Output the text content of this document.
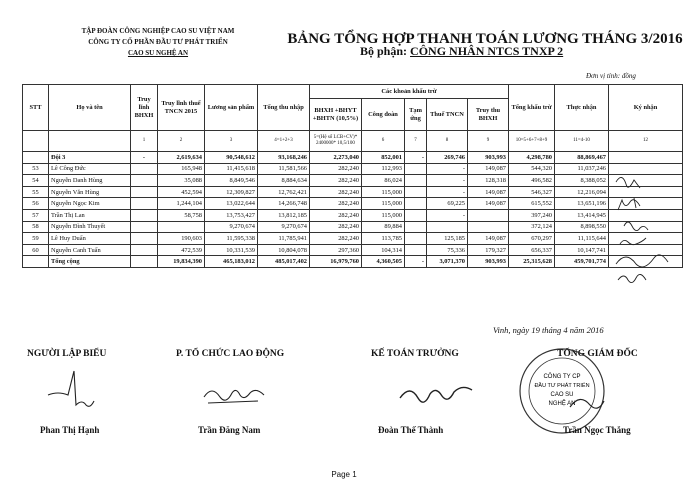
TẬP ĐOÀN CÔNG NGHIỆP CAO SU VIỆT NAM
CÔNG TY CỔ PHẦN ĐẦU TƯ PHÁT TRIỂN
CAO SU NGHỆ AN
BẢNG TỔNG HỢP THANH TOÁN LƯƠNG THÁNG 3/2016
Bộ phận: CÔNG NHÂN NTCS TNXP 2
Đơn vị tính: đồng
STT	Họ và tên	Truy lĩnh BHXH	Truy lĩnh thuế TNCN 2015	Lương sản phẩm	Tổng thu nhập	Các khoản khấu trừ					Tổng khấu trừ	Thực nhận	Ký nhận
						BHXH +BHYT +BHTN (10,5%)	Công đoàn	Tạm ứng	Thuế TNCN	Truy thu BHXH			
		1	2	3	4=1+2+3	5=(Hệ số LCB+CV)* 2400000* 10,5/100	6	7	8	9	10=5+6+7+8+9	11=4-10	12
	Đội 3	-	2,619,634	90,548,612	93,168,246	2,273,040	852,001	-	269,746	903,993	4,298,780	88,869,467	
53	Lê Công Đức		165,948	11,415,618	11,581,566	282,240	112,993		-	149,087	544,320	11,037,246	
54	Nguyễn Danh Hùng		35,088	8,849,546	8,884,634	282,240	86,024		-	128,318	496,582	8,388,052	
55	Nguyễn Văn Hùng		452,594	12,309,827	12,762,421	282,240	115,000		-	149,087	546,327	12,216,094	
56	Nguyễn Ngọc Kim		1,244,104	13,022,644	14,266,748	282,240	115,000		69,225	149,087	615,552	13,651,196	
57	Trần Thị Lan		58,758	13,753,427	13,812,185	282,240	115,000		-		397,240	13,414,945	
58	Nguyễn Đình Thuyết			9,270,674	9,270,674	282,240	89,884				372,124	8,898,550	
59	Lê Huy Duẩn		190,603	11,595,338	11,785,941	282,240	113,785		125,185	149,087	670,297	11,115,644	
60	Nguyễn Canh Tuấn		472,539	10,331,539	10,804,078	297,360	104,314		75,336	179,327	656,337	10,147,741	
	Tổng cộng		19,834,390	465,183,012	485,017,402	16,979,760	4,360,505	-	3,071,370	903,993	25,315,628	459,701,774	
Vinh, ngày 19 tháng 4 năm 2016
NGƯỜI LẬP BIỂU	P. TỔ CHỨC LAO ĐỘNG	KẾ TOÁN TRƯỞNG	TỔNG GIÁM ĐỐC
CÔNG TY CP
ĐẦU TƯ PHÁT TRIỂN
CAO SU
NGHỆ AN
Phan Thị Hạnh	Trần Đăng Nam	Đoàn Thế Thành	Trần Ngọc Thắng
Page 1
